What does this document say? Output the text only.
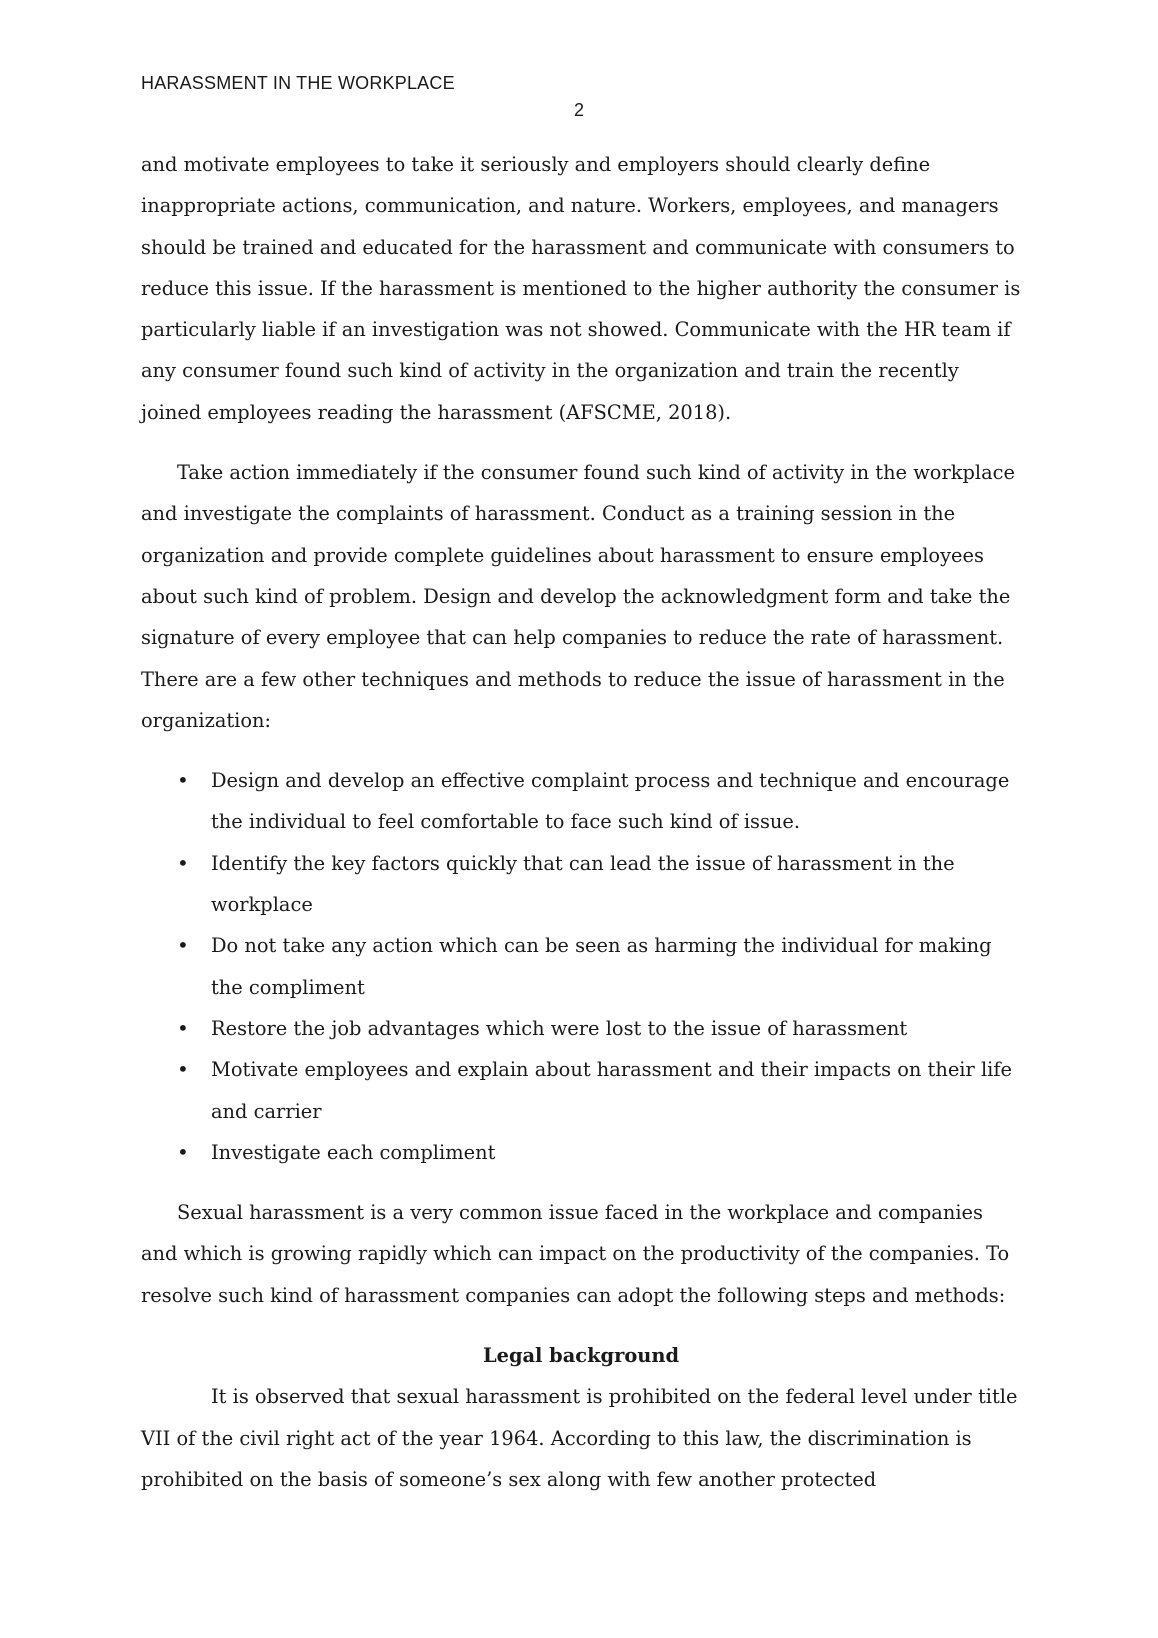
HARASSMENT IN THE WORKPLACE
2

and motivate employees to take it seriously and employers should clearly define inappropriate actions, communication, and nature. Workers, employees, and managers should be trained and educated for the harassment and communicate with consumers to reduce this issue. If the harassment is mentioned to the higher authority the consumer is particularly liable if an investigation was not showed. Communicate with the HR team if any consumer found such kind of activity in the organization and train the recently joined employees reading the harassment (AFSCME, 2018).

Take action immediately if the consumer found such kind of activity in the workplace and investigate the complaints of harassment. Conduct as a training session in the organization and provide complete guidelines about harassment to ensure employees about such kind of problem. Design and develop the acknowledgment form and take the signature of every employee that can help companies to reduce the rate of harassment. There are a few other techniques and methods to reduce the issue of harassment in the organization:

• Design and develop an effective complaint process and technique and encourage the individual to feel comfortable to face such kind of issue.
• Identify the key factors quickly that can lead the issue of harassment in the workplace
• Do not take any action which can be seen as harming the individual for making the compliment
• Restore the job advantages which were lost to the issue of harassment
• Motivate employees and explain about harassment and their impacts on their life and carrier
• Investigate each compliment

Sexual harassment is a very common issue faced in the workplace and companies and which is growing rapidly which can impact on the productivity of the companies. To resolve such kind of harassment companies can adopt the following steps and methods:

Legal background

It is observed that sexual harassment is prohibited on the federal level under title VII of the civil right act of the year 1964. According to this law, the discrimination is prohibited on the basis of someone’s sex along with few another protected
